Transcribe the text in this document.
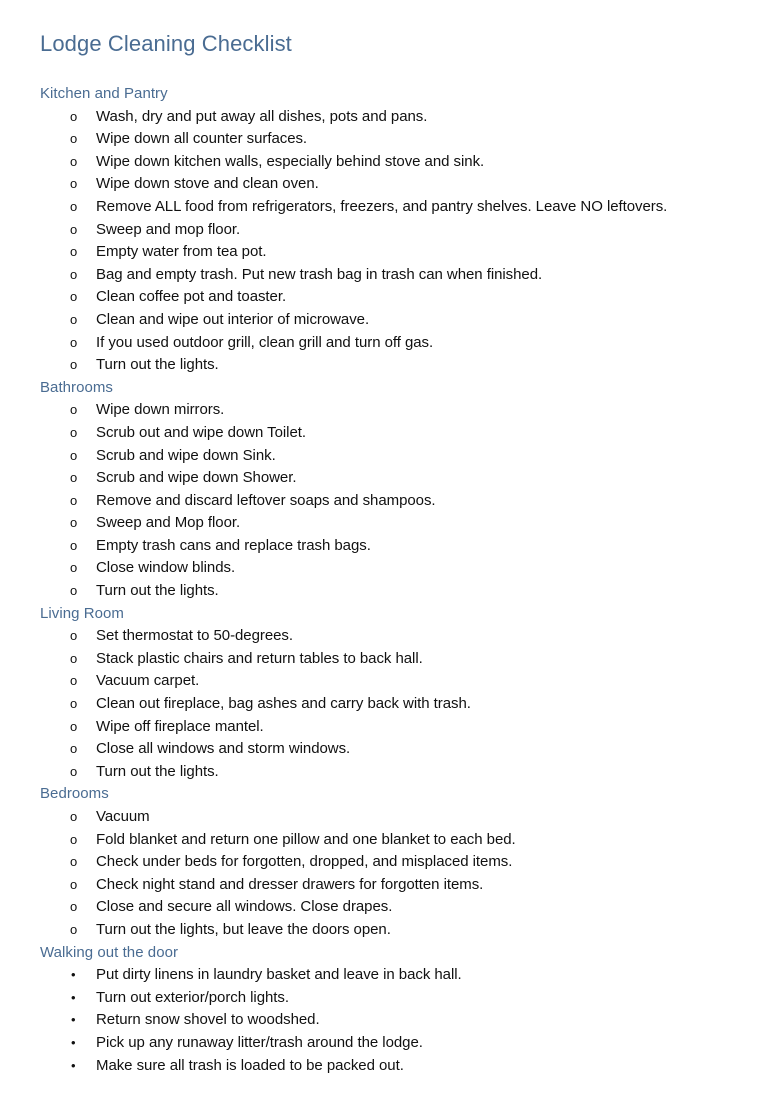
Lodge Cleaning Checklist
Kitchen and Pantry
o Wash, dry and put away all dishes, pots and pans.
o Wipe down all counter surfaces.
o Wipe down kitchen walls, especially behind stove and sink.
o Wipe down stove and clean oven.
o Remove ALL food from refrigerators, freezers, and pantry shelves. Leave NO leftovers.
o Sweep and mop floor.
o Empty water from tea pot.
o Bag and empty trash. Put new trash bag in trash can when finished.
o Clean coffee pot and toaster.
o Clean and wipe out interior of microwave.
o If you used outdoor grill, clean grill and turn off gas.
o Turn out the lights.
Bathrooms
o Wipe down mirrors.
o Scrub out and wipe down Toilet.
o Scrub and wipe down Sink.
o Scrub and wipe down Shower.
o Remove and discard leftover soaps and shampoos.
o Sweep and Mop floor.
o Empty trash cans and replace trash bags.
o Close window blinds.
o Turn out the lights.
Living Room
o Set thermostat to 50-degrees.
o Stack plastic chairs and return tables to back hall.
o Vacuum carpet.
o Clean out fireplace, bag ashes and carry back with trash.
o Wipe off fireplace mantel.
o Close all windows and storm windows.
o Turn out the lights.
Bedrooms
o Vacuum
o Fold blanket and return one pillow and one blanket to each bed.
o Check under beds for forgotten, dropped, and misplaced items.
o Check night stand and dresser drawers for forgotten items.
o Close and secure all windows. Close drapes.
o Turn out the lights, but leave the doors open.
Walking out the door
• Put dirty linens in laundry basket and leave in back hall.
• Turn out exterior/porch lights.
• Return snow shovel to woodshed.
• Pick up any runaway litter/trash around the lodge.
• Make sure all trash is loaded to be packed out.
